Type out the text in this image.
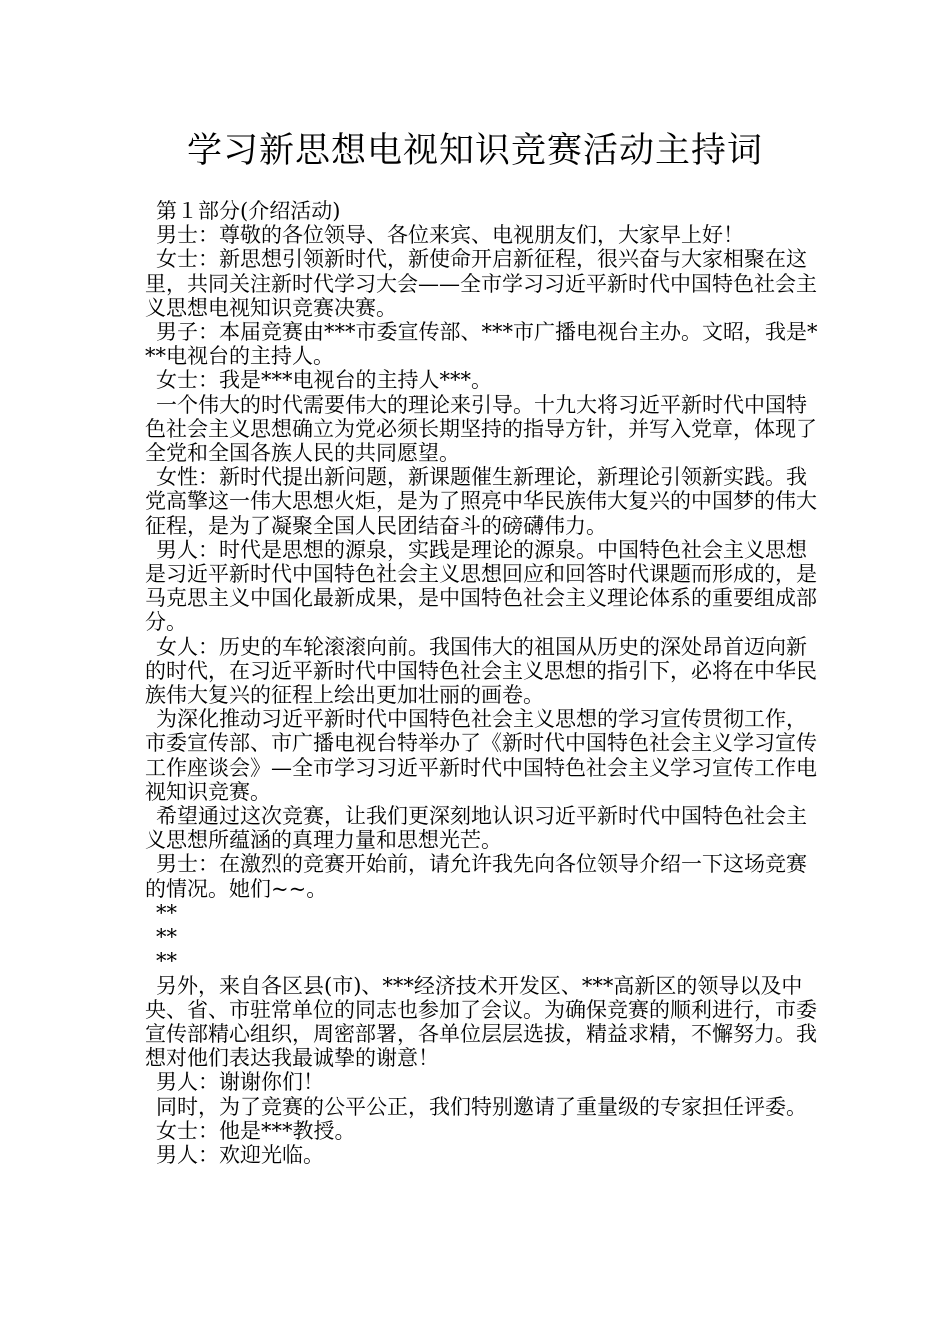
学习新思想电视知识竞赛活动主持词

第１部分(介绍活动)

男士：尊敬的各位领导、各位来宾、电视朋友们，大家早上好！

女士：新思想引领新时代，新使命开启新征程，很兴奋与大家相聚在这里，共同关注新时代学习大会——全市学习习近平新时代中国特色社会主义思想电视知识竞赛决赛。

男子：本届竞赛由***市委宣传部、***市广播电视台主办。文昭，我是***电视台的主持人。

女士：我是***电视台的主持人***。

一个伟大的时代需要伟大的理论来引导。十九大将习近平新时代中国特色社会主义思想确立为党必须长期坚持的指导方针，并写入党章，体现了全党和全国各族人民的共同愿望。

女性：新时代提出新问题，新课题催生新理论，新理论引领新实践。我党高擎这一伟大思想火炬，是为了照亮中华民族伟大复兴的中国梦的伟大征程，是为了凝聚全国人民团结奋斗的磅礴伟力。

男人：时代是思想的源泉，实践是理论的源泉。中国特色社会主义思想是习近平新时代中国特色社会主义思想回应和回答时代课题而形成的，是马克思主义中国化最新成果，是中国特色社会主义理论体系的重要组成部分。

女人：历史的车轮滚滚向前。我国伟大的祖国从历史的深处昂首迈向新的时代，在习近平新时代中国特色社会主义思想的指引下，必将在中华民族伟大复兴的征程上绘出更加壮丽的画卷。

为深化推动习近平新时代中国特色社会主义思想的学习宣传贯彻工作，市委宣传部、市广播电视台特举办了《新时代中国特色社会主义学习宣传工作座谈会》—全市学习习近平新时代中国特色社会主义学习宣传工作电视知识竞赛。

希望通过这次竞赛，让我们更深刻地认识习近平新时代中国特色社会主义思想所蕴涵的真理力量和思想光芒。

男士：在激烈的竞赛开始前，请允许我先向各位领导介绍一下这场竞赛的情况。她们~~。

**

**

**

另外，来自各区县(市)、***经济技术开发区、***高新区的领导以及中央、省、市驻常单位的同志也参加了会议。为确保竞赛的顺利进行，市委宣传部精心组织，周密部署，各单位层层选拔，精益求精，不懈努力。我想对他们表达我最诚挚的谢意！

男人：谢谢你们！

同时，为了竞赛的公平公正，我们特别邀请了重量级的专家担任评委。

女士：他是***教授。

男人：欢迎光临。
